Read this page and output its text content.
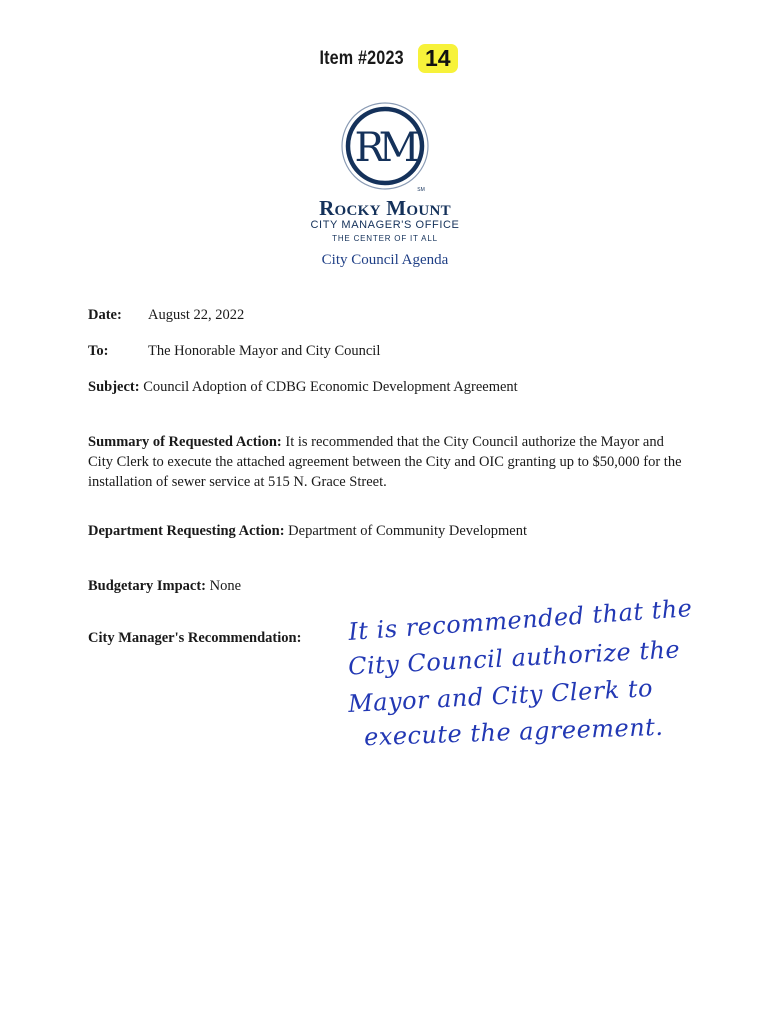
Item #2023 14
RM
SM
Rocky Mount
CITY MANAGER'S OFFICE
THE CENTER OF IT ALL
City Council Agenda
Date: August 22, 2022
To:	The Honorable Mayor and City Council
Subject: Council Adoption of CDBG Economic Development Agreement
Summary of Requested Action: It is recommended that the City Council authorize the Mayor and City Clerk to execute the attached agreement between the City and OIC granting up to $50,000 for the installation of sewer service at 515 N. Grace Street.
Department Requesting Action: Department of Community Development
Budgetary Impact: None
City Manager's Recommendation: It is recommended that the
City Council authorize the
Mayor and City Clerk to
execute the agreement.
